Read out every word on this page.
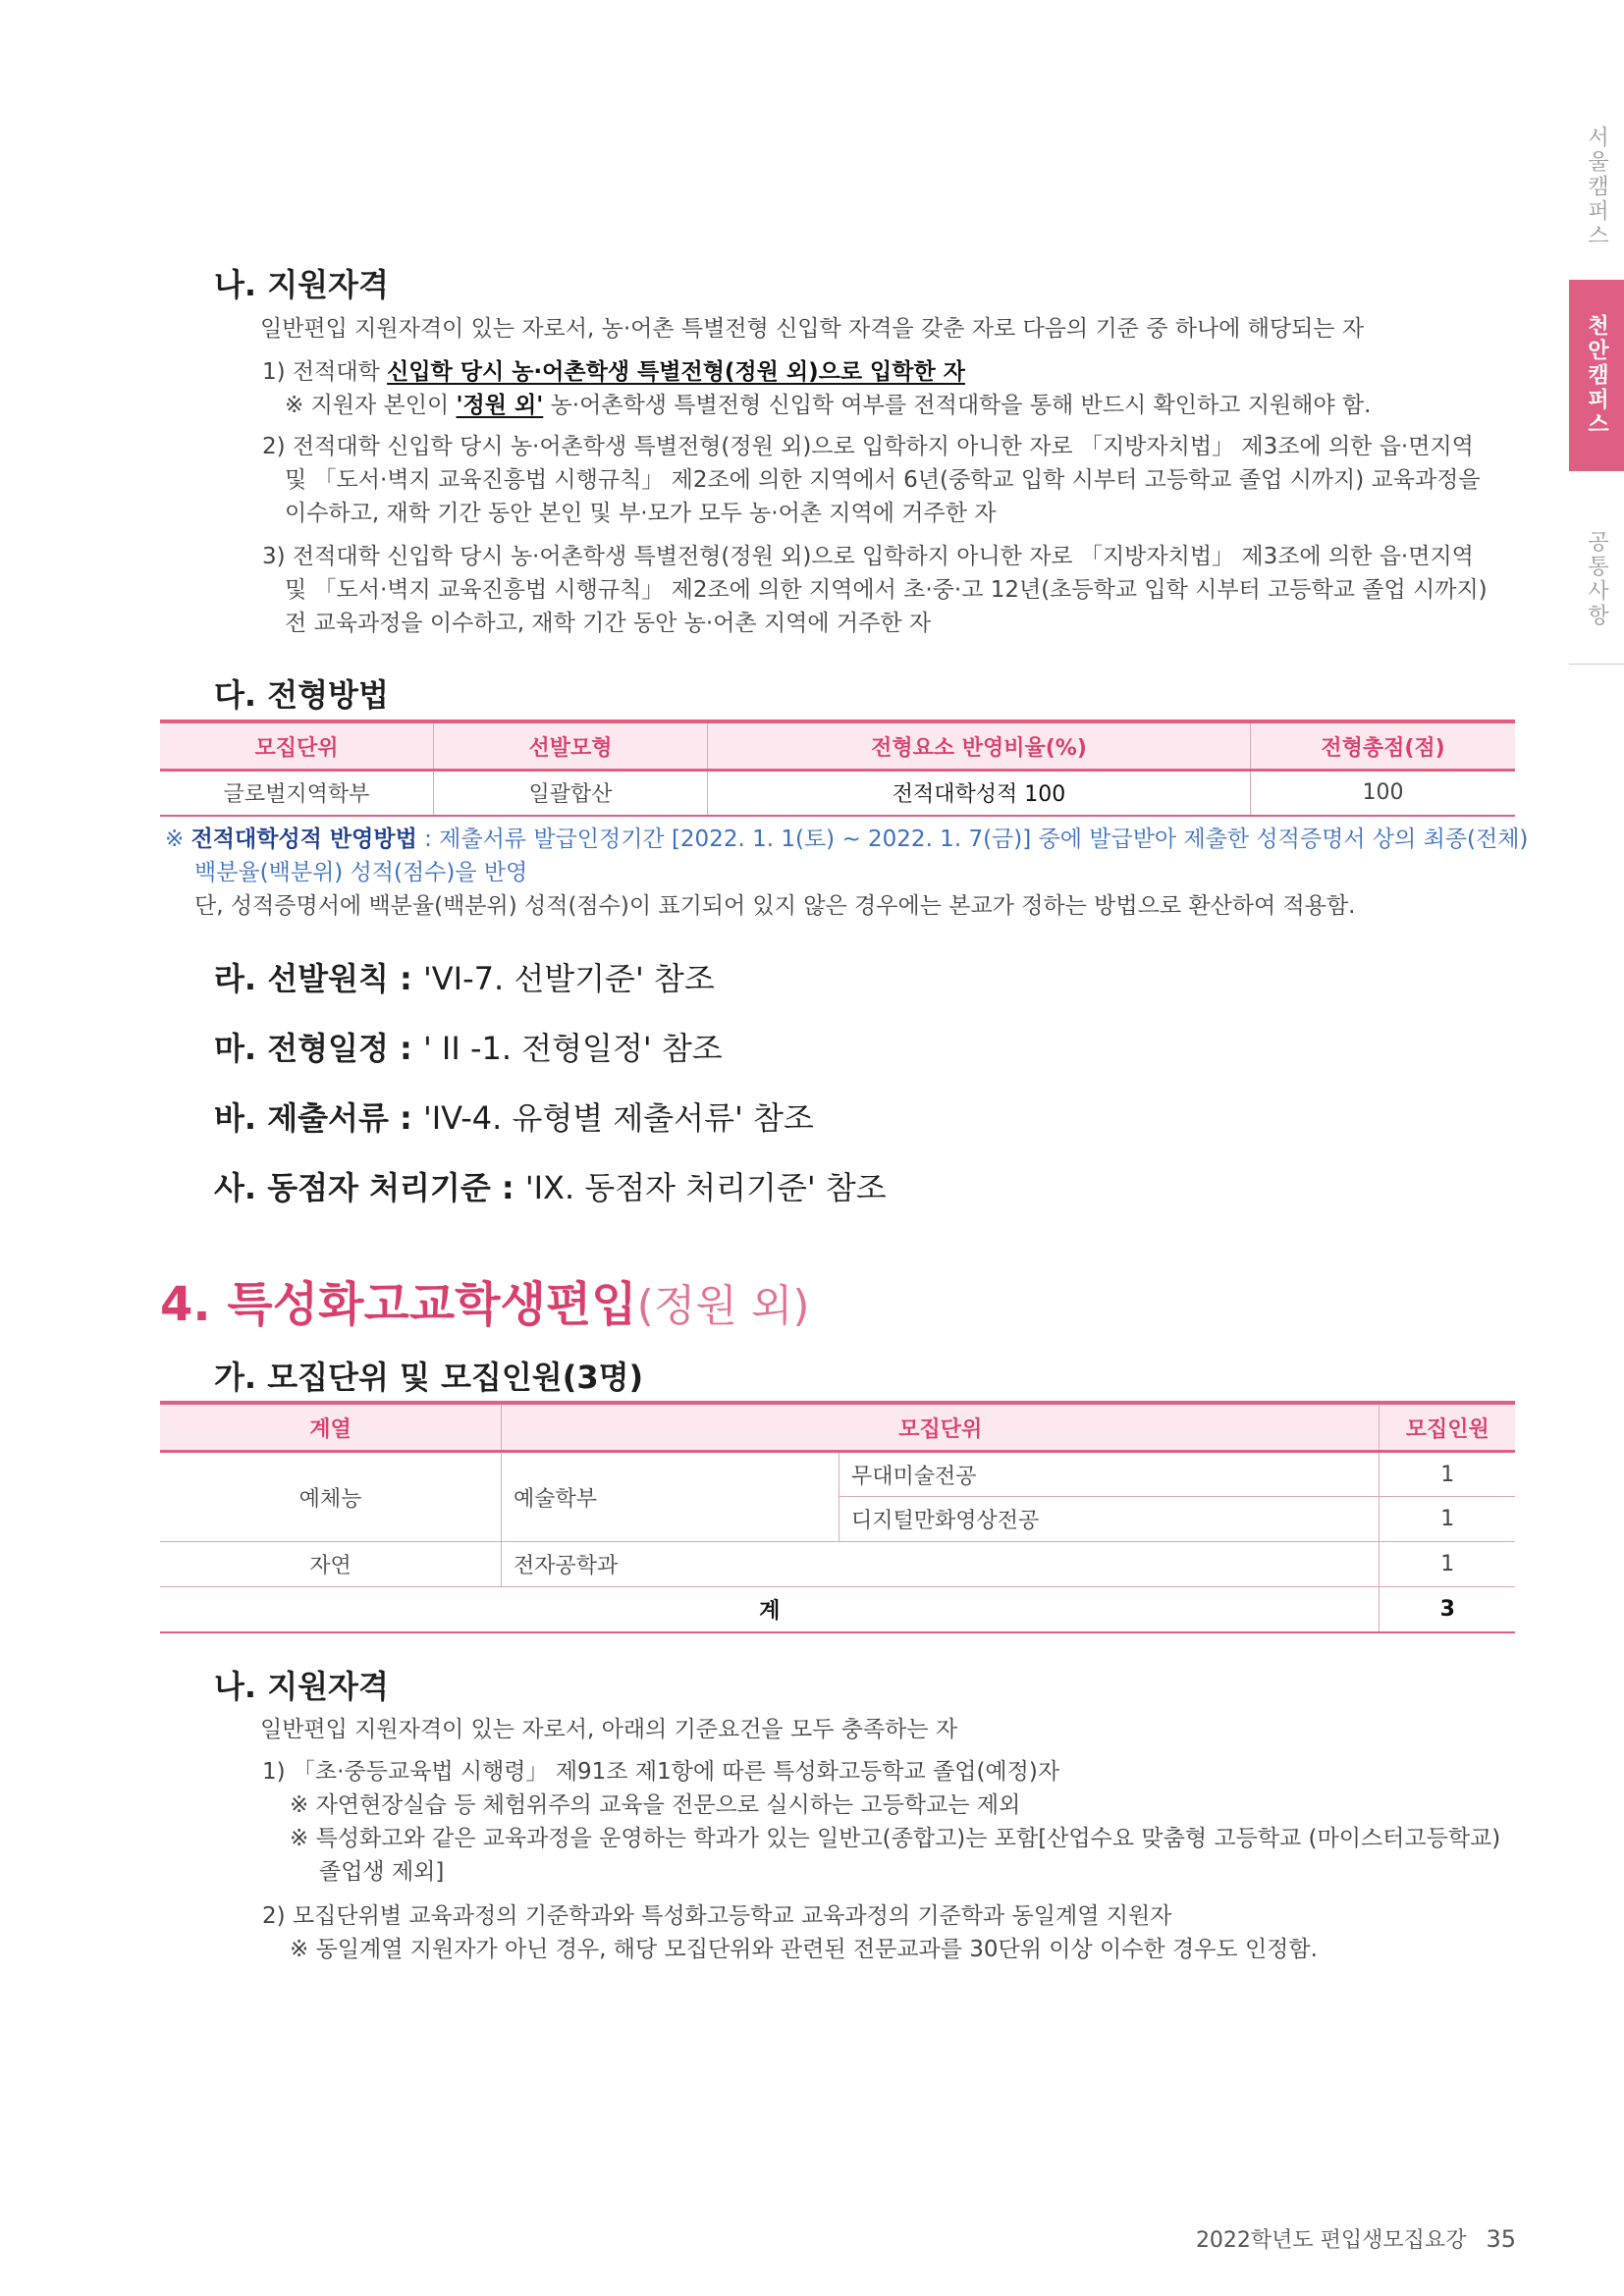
서울캠퍼스
천안캠퍼스
공통사항
나. 지원자격

일반편입 지원자격이 있는 자로서, 농·어촌 특별전형 신입학 자격을 갖춘 자로 다음의 기준 중 하나에 해당되는 자

1) 전적대학 신입학 당시 농·어촌학생 특별전형(정원 외)으로 입학한 자

※ 지원자 본인이 '정원 외' 농·어촌학생 특별전형 신입학 여부를 전적대학을 통해 반드시 확인하고 지원해야 함.

2) 전적대학 신입학 당시 농·어촌학생 특별전형(정원 외)으로 입학하지 아니한 자로 「지방자치법」 제3조에 의한 읍·면지역

및 「도서·벽지 교육진흥법 시행규칙」 제2조에 의한 지역에서 6년(중학교 입학 시부터 고등학교 졸업 시까지) 교육과정을

이수하고, 재학 기간 동안 본인 및 부·모가 모두 농·어촌 지역에 거주한 자

3) 전적대학 신입학 당시 농·어촌학생 특별전형(정원 외)으로 입학하지 아니한 자로 「지방자치법」 제3조에 의한 읍·면지역

및 「도서·벽지 교육진흥법 시행규칙」 제2조에 의한 지역에서 초·중·고 12년(초등학교 입학 시부터 고등학교 졸업 시까지)

전 교육과정을 이수하고, 재학 기간 동안 농·어촌 지역에 거주한 자

다. 전형방법
모집단위	선발모형	전형요소 반영비율(%)	전형총점(점)
글로벌지역학부	일괄합산	전적대학성적 100	100

※ 전적대학성적 반영방법 : 제출서류 발급인정기간 [2022. 1. 1(토) ~ 2022. 1. 7(금)] 중에 발급받아 제출한 성적증명서 상의 최종(전체)

백분율(백분위) 성적(점수)을 반영

단, 성적증명서에 백분율(백분위) 성적(점수)이 표기되어 있지 않은 경우에는 본교가 정하는 방법으로 환산하여 적용함.

라. 선발원칙 : 'VI-7. 선발기준' 참조
마. 전형일정 : ' II -1. 전형일정' 참조
바. 제출서류 : 'IV-4. 유형별 제출서류' 참조
사. 동점자 처리기준 : 'IX. 동점자 처리기준' 참조
4. 특성화고교학생편입(정원 외)
가. 모집단위 및 모집인원(3명)
계열	모집단위		모집인원
예체능	예술학부	무대미술전공	1
		디지털만화영상전공	1
자연	전자공학과		1
계			3
나. 지원자격

일반편입 지원자격이 있는 자로서, 아래의 기준요건을 모두 충족하는 자

1) 「초·중등교육법 시행령」 제91조 제1항에 따른 특성화고등학교 졸업(예정)자

※ 자연현장실습 등 체험위주의 교육을 전문으로 실시하는 고등학교는 제외

※ 특성화고와 같은 교육과정을 운영하는 학과가 있는 일반고(종합고)는 포함[산업수요 맞춤형 고등학교 (마이스터고등학교)

졸업생 제외]

2) 모집단위별 교육과정의 기준학과와 특성화고등학교 교육과정의 기준학과 동일계열 지원자

※ 동일계열 지원자가 아닌 경우, 해당 모집단위와 관련된 전문교과를 30단위 이상 이수한 경우도 인정함.

2022학년도 편입생모집요강 35
